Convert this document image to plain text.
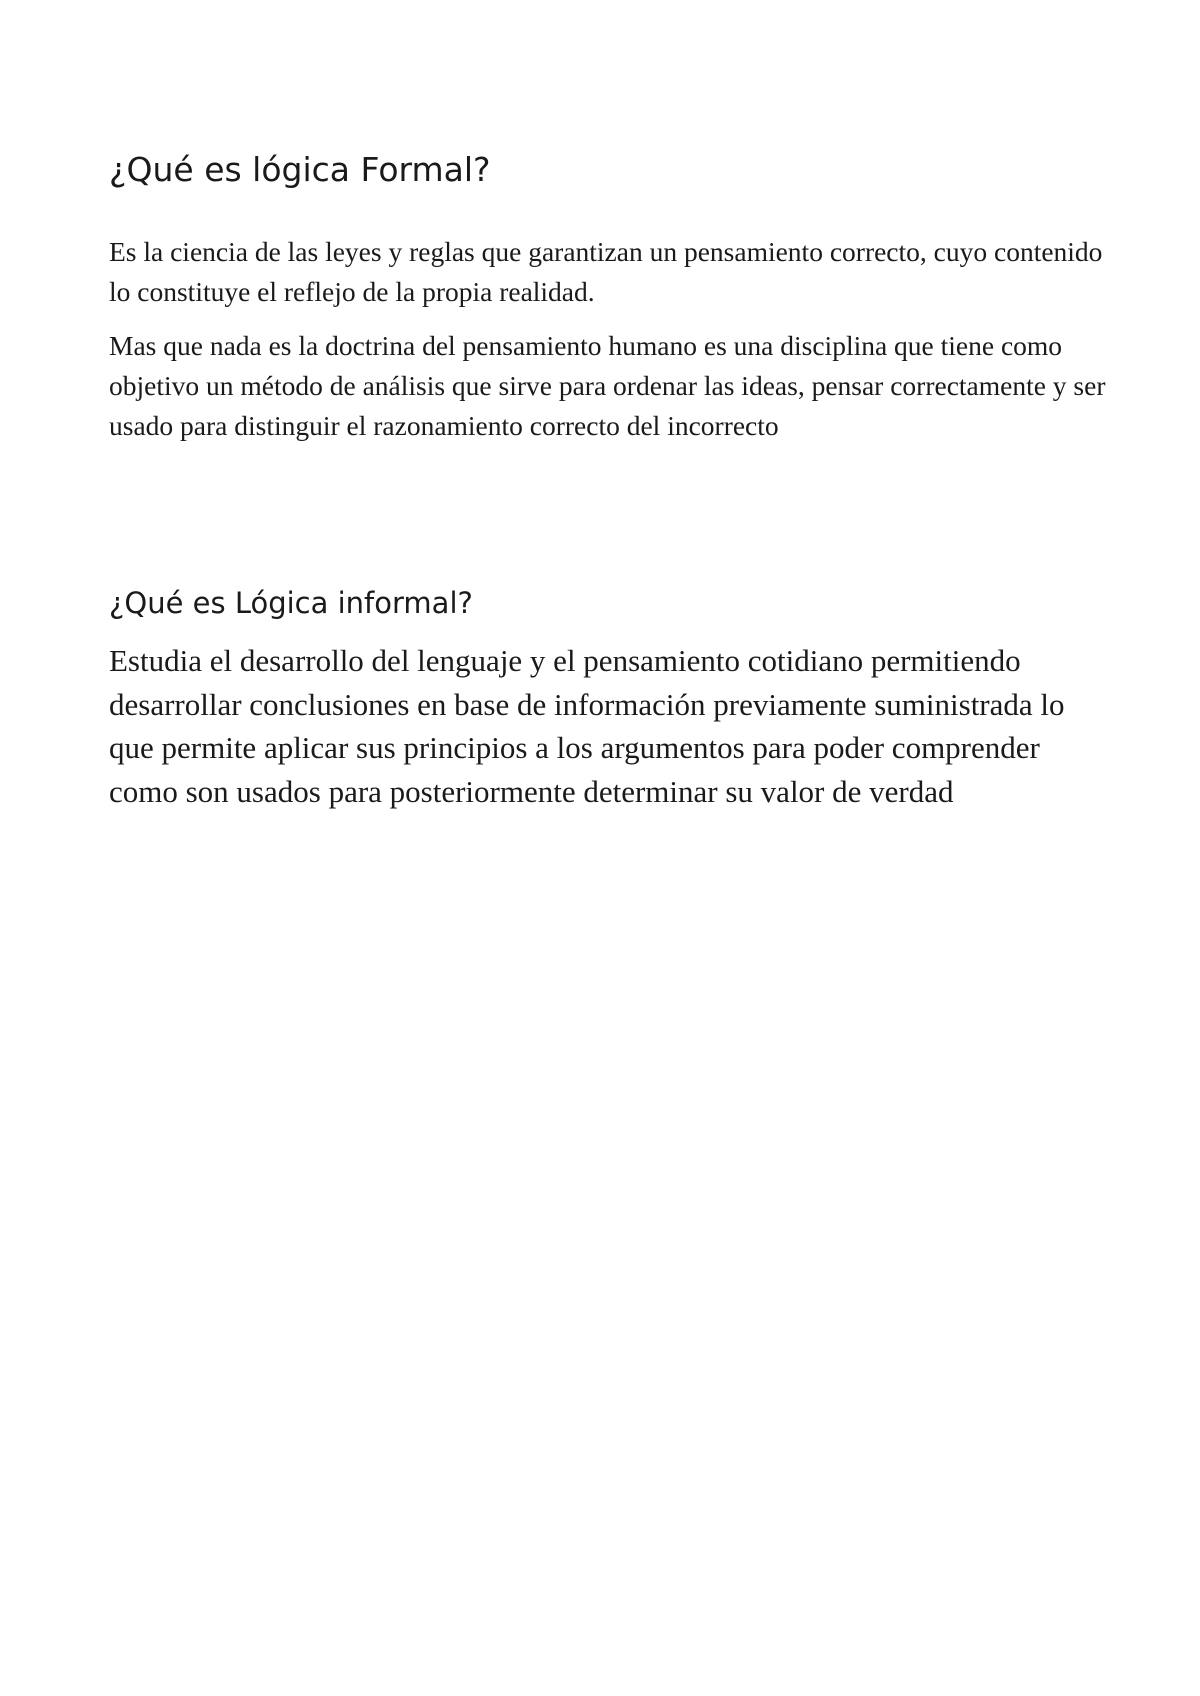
¿Qué es lógica Formal?

Es la ciencia de las leyes y reglas que garantizan un pensamiento correcto, cuyo contenido lo constituye el reflejo de la propia realidad.

Mas que nada es la doctrina del pensamiento humano es una disciplina que tiene como objetivo un método de análisis que sirve para ordenar las ideas, pensar correctamente y ser usado para distinguir el razonamiento correcto del incorrecto

¿Qué es Lógica informal?

Estudia el desarrollo del lenguaje y el pensamiento cotidiano permitiendo desarrollar conclusiones en base de información previamente suministrada lo que permite aplicar sus principios a los argumentos para poder comprender como son usados para posteriormente determinar su valor de verdad
